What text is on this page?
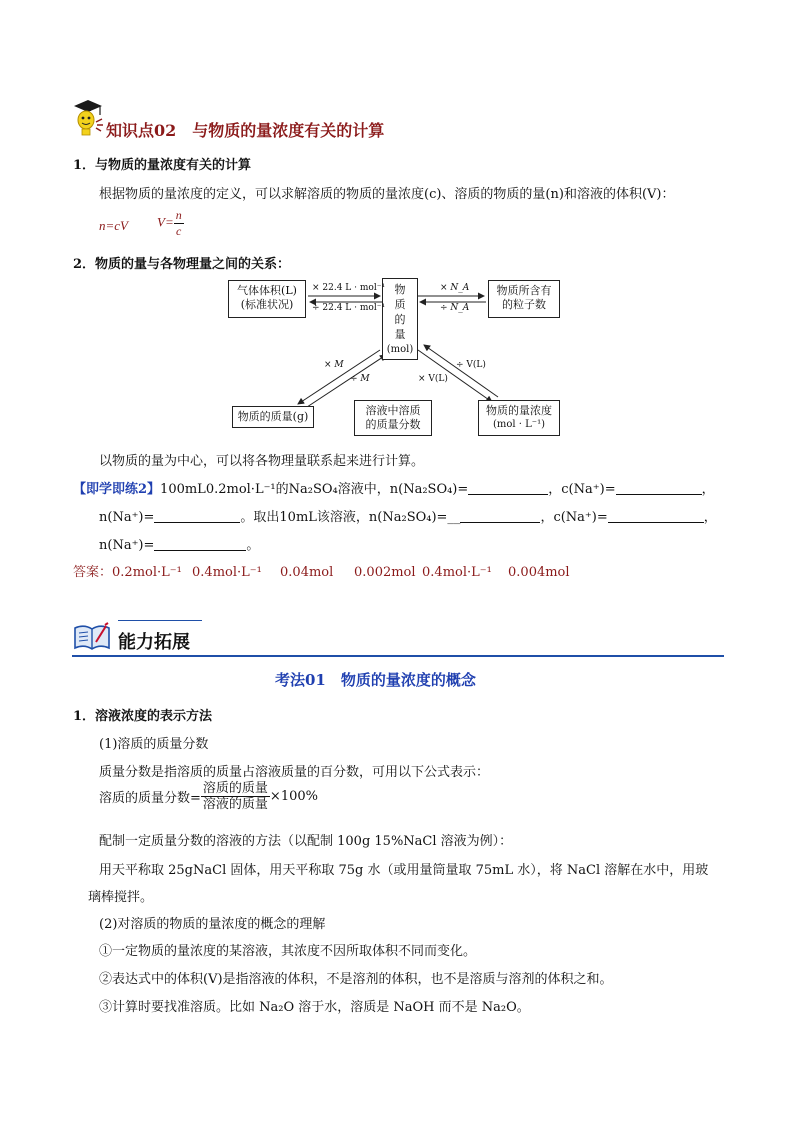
知识点02　与物质的量浓度有关的计算
1．与物质的量浓度有关的计算
根据物质的量浓度的定义，可以求解溶质的物质的量浓度(c)、溶质的物质的量(n)和溶液的体积(V)：
n=cV $V= \frac{n}{c}$
2．物质的量与各物理量之间的关系：
气体体积(L)
(标准状况)
物
质
的
量
(mol)
物质所含有
的粒子数
物质的质量(g)	溶液中溶质
的质量分数
物质的量浓度
(mol · L⁻¹)
× 22.4 L · mol⁻¹
÷ 22.4 L · mol⁻¹
× N_A
÷ N_A
× M
÷ M	× V(L)
÷ V(L)
以物质的量为中心，可以将各物理量联系起来进行计算。
【即学即练2】100mL0.2mol·L⁻¹的Na₂SO₄溶液中，n(Na₂SO₄)=	，c(Na⁺)=	，
n(Na⁺)=	。取出10mL该溶液，n(Na₂SO₄)=__	，c(Na⁺)=	，
n(Na⁺)=	。
答案：0.2mol·L⁻¹ 0.4mol·L⁻¹ 0.04mol 0.002mol 0.4mol·L⁻¹ 0.004mol
能力拓展
考法01　物质的量浓度的概念
1．溶液浓度的表示方法
(1)溶质的质量分数
质量分数是指溶质的质量占溶液质量的百分数，可用以下公式表示：
溶质的质量分数= $\frac{\text{溶质的质量}}{\text{溶液的质量}} \times 100\%$
配制一定质量分数的溶液的方法（以配制 100g 15%NaCl 溶液为例）：
用天平称取 25gNaCl 固体，用天平称取 75g 水（或用量筒量取 75mL 水），将 NaCl 溶解在水中，用玻
璃棒搅拌。
(2)对溶质的物质的量浓度的概念的理解
①一定物质的量浓度的某溶液，其浓度不因所取体积不同而变化。
②表达式中的体积(V)是指溶液的体积，不是溶剂的体积，也不是溶质与溶剂的体积之和。
③计算时要找准溶质。比如 Na₂O 溶于水，溶质是 NaOH 而不是 Na₂O。
